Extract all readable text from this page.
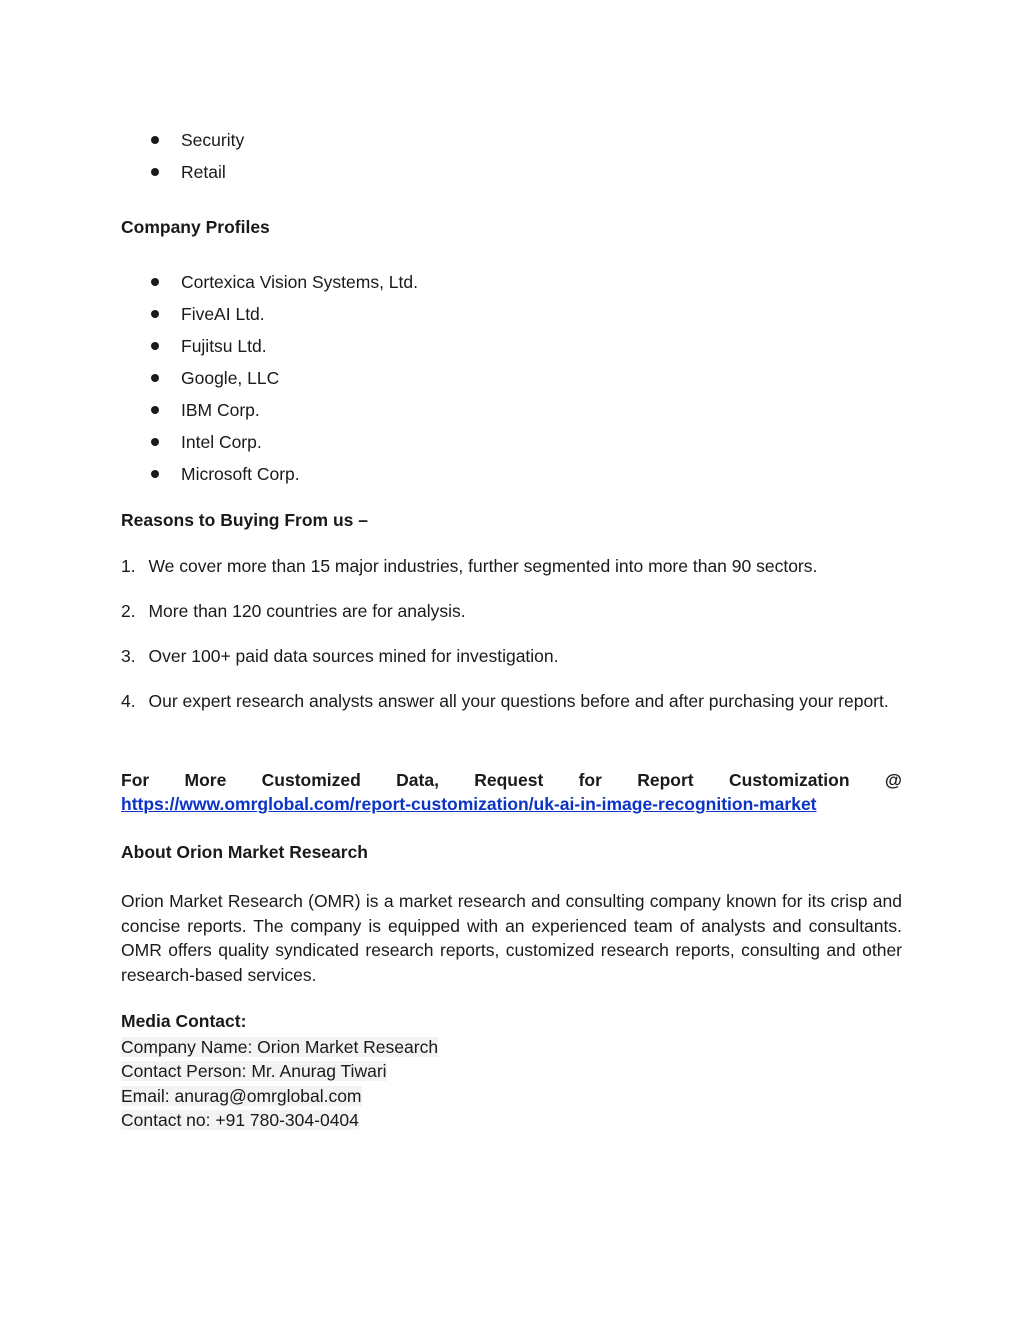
Security
Retail
Company Profiles
Cortexica Vision Systems, Ltd.
FiveAI Ltd.
Fujitsu Ltd.
Google, LLC
IBM Corp.
Intel Corp.
Microsoft Corp.
Reasons to Buying From us –
1. We cover more than 15 major industries, further segmented into more than 90 sectors.
2. More than 120 countries are for analysis.
3. Over 100+ paid data sources mined for investigation.
4. Our expert research analysts answer all your questions before and after purchasing your report.
For More Customized Data, Request for Report Customization @
https://www.omrglobal.com/report-customization/uk-ai-in-image-recognition-market
About Orion Market Research
Orion Market Research (OMR) is a market research and consulting company known for its crisp and concise reports. The company is equipped with an experienced team of analysts and consultants. OMR offers quality syndicated research reports, customized research reports, consulting and other research-based services.
Media Contact:
Company Name: Orion Market Research
Contact Person: Mr. Anurag Tiwari
Email: anurag@omrglobal.com
Contact no: +91 780-304-0404
